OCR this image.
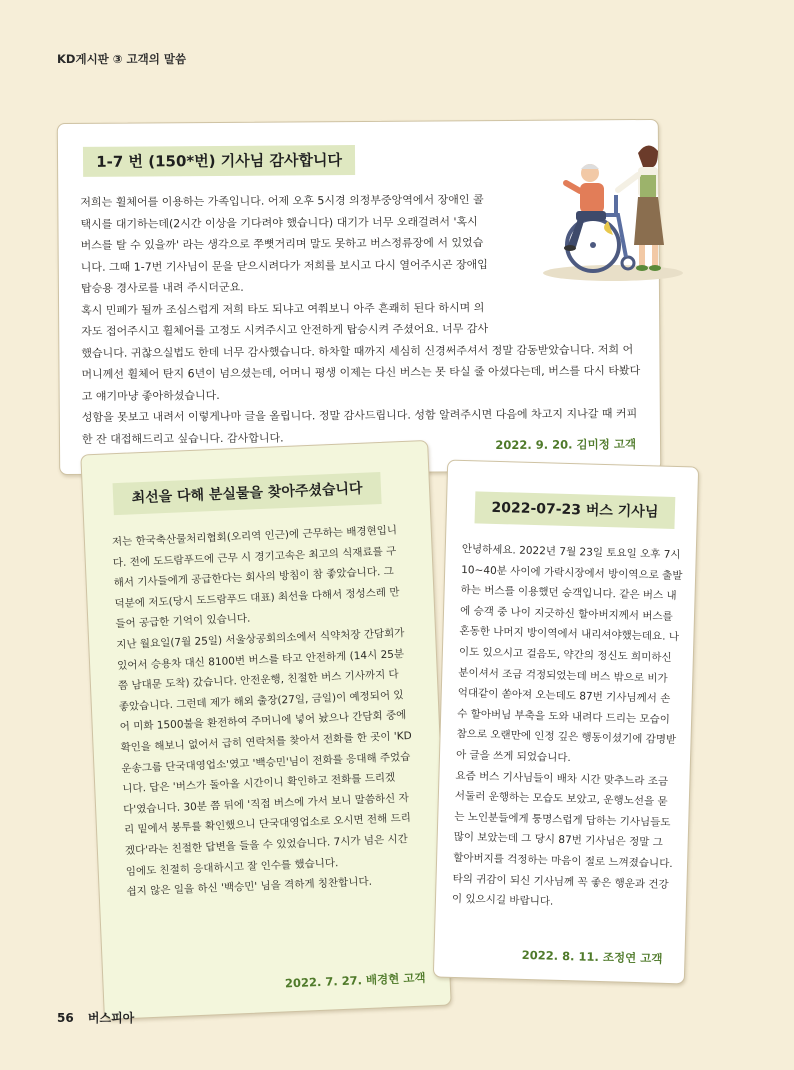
KD게시판 ③ 고객의 말씀
1-7 번 (150*번) 기사님 감사합니다

저희는 휠체어를 이용하는 가족입니다. 어제 오후 5시경 의정부중앙역에서 장애인 콜택시를 대기하는데(2시간 이상을 기다려야 했습니다) 대기가 너무 오래걸려서 '혹시 버스를 탈 수 있을까' 라는 생각으로 쭈뼛거리며 말도 못하고 버스정류장에 서 있었습니다. 그때 1-7번 기사님이 문을 닫으시려다가 저희를 보시고 다시 열어주시곤 장애입 탑승용 경사로를 내려 주시더군요.

혹시 민폐가 될까 조심스럽게 저희 타도 되냐고 여쭤보니 아주 흔쾌히 된다 하시며 의자도 접어주시고 휠체어를 고정도 시켜주시고 안전하게 탑승시켜 주셨어요. 너무 감사했습니다. 귀찮으실법도 한데 너무 감사했습니다. 하차할 때까지 세심히 신경써주셔서 정말 감동받았습니다. 저희 어머니께선 휠체어 탄지 6년이 넘으셨는데, 어머니 평생 이제는 다신 버스는 못 타실 줄 아셨다는데, 버스를 다시 타봤다고 얘기마냥 좋아하셨습니다.

성함을 못보고 내려서 이렇게나마 글을 올립니다. 정말 감사드립니다. 성함 알려주시면 다음에 차고지 지나갈 때 커피 한 잔 대접해드리고 싶습니다. 감사합니다.	2022. 9. 20. 김미정 고객
최선을 다해 분실물을 찾아주셨습니다

저는 한국축산물처리협회(오리역 인근)에 근무하는 배경현입니다. 전에 도드람푸드에 근무 시 경기고속은 최고의 식재료를 구해서 기사들에게 공급한다는 회사의 방침이 참 좋았습니다. 그 덕분에 저도(당시 도드람푸드 대표) 최선을 다해서 정성스레 만들어 공급한 기억이 있습니다.

지난 월요일(7월 25일) 서울상공회의소에서 식약처장 간담회가 있어서 승용차 대신 8100번 버스를 타고 안전하게 (14시 25분 쯤 남대문 도착) 갔습니다. 안전운행, 친절한 버스 기사까지 다 좋았습니다. 그런데 제가 해외 출장(27일, 금일)이 예정되어 있어 미화 1500불을 환전하여 주머니에 넣어 놨으나 간담회 중에 확인을 해보니 없어서 급히 연락처를 찾아서 전화를 한 곳이 'KD운송그룹 단국대영업소'였고 '백승민'님이 전화를 응대해 주었습니다. 답은 '버스가 돌아올 시간이니 확인하고 전화를 드리겠다'였습니다. 30분 쯤 뒤에 '직접 버스에 가서 보니 말씀하신 자리 밑에서 봉투를 확인했으니 단국대영업소로 오시면 전해 드리겠다'라는 친절한 답변을 들을 수 있었습니다. 7시가 넘은 시간임에도 친절히 응대하시고 잘 인수를 했습니다.

쉽지 않은 일을 하신 '백승민' 님을 격하게 칭찬합니다.

2022. 7. 27. 배경현 고객
2022-07-23 버스 기사님

안녕하세요. 2022년 7월 23일 토요일 오후 7시 10~40분 사이에 가락시장에서 방이역으로 출발하는 버스를 이용했던 승객입니다. 같은 버스 내에 승객 중 나이 지긋하신 할아버지께서 버스를 혼동한 나머지 방이역에서 내리셔야했는데요. 나이도 있으시고 걸음도, 약간의 정신도 희미하신 분이셔서 조금 걱정되었는데 버스 밖으로 비가 억대같이 쏟아져 오는데도 87번 기사님께서 손수 할아버님 부축을 도와 내려다 드리는 모습이 참으로 오랜만에 인정 깊은 행동이셨기에 감명받아 글을 쓰게 되었습니다.

요즘 버스 기사님들이 배차 시간 맞추느라 조금 서둘러 운행하는 모습도 보았고, 운행노선을 묻는 노인분들에게 퉁명스럽게 답하는 기사님들도 많이 보았는데 그 당시 87번 기사님은 정말 그 할아버지를 걱정하는 마음이 절로 느껴졌습니다. 타의 귀감이 되신 기사님께 꼭 좋은 행운과 건강이 있으시길 바랍니다.

2022. 8. 11. 조정연 고객
56 버스피아
